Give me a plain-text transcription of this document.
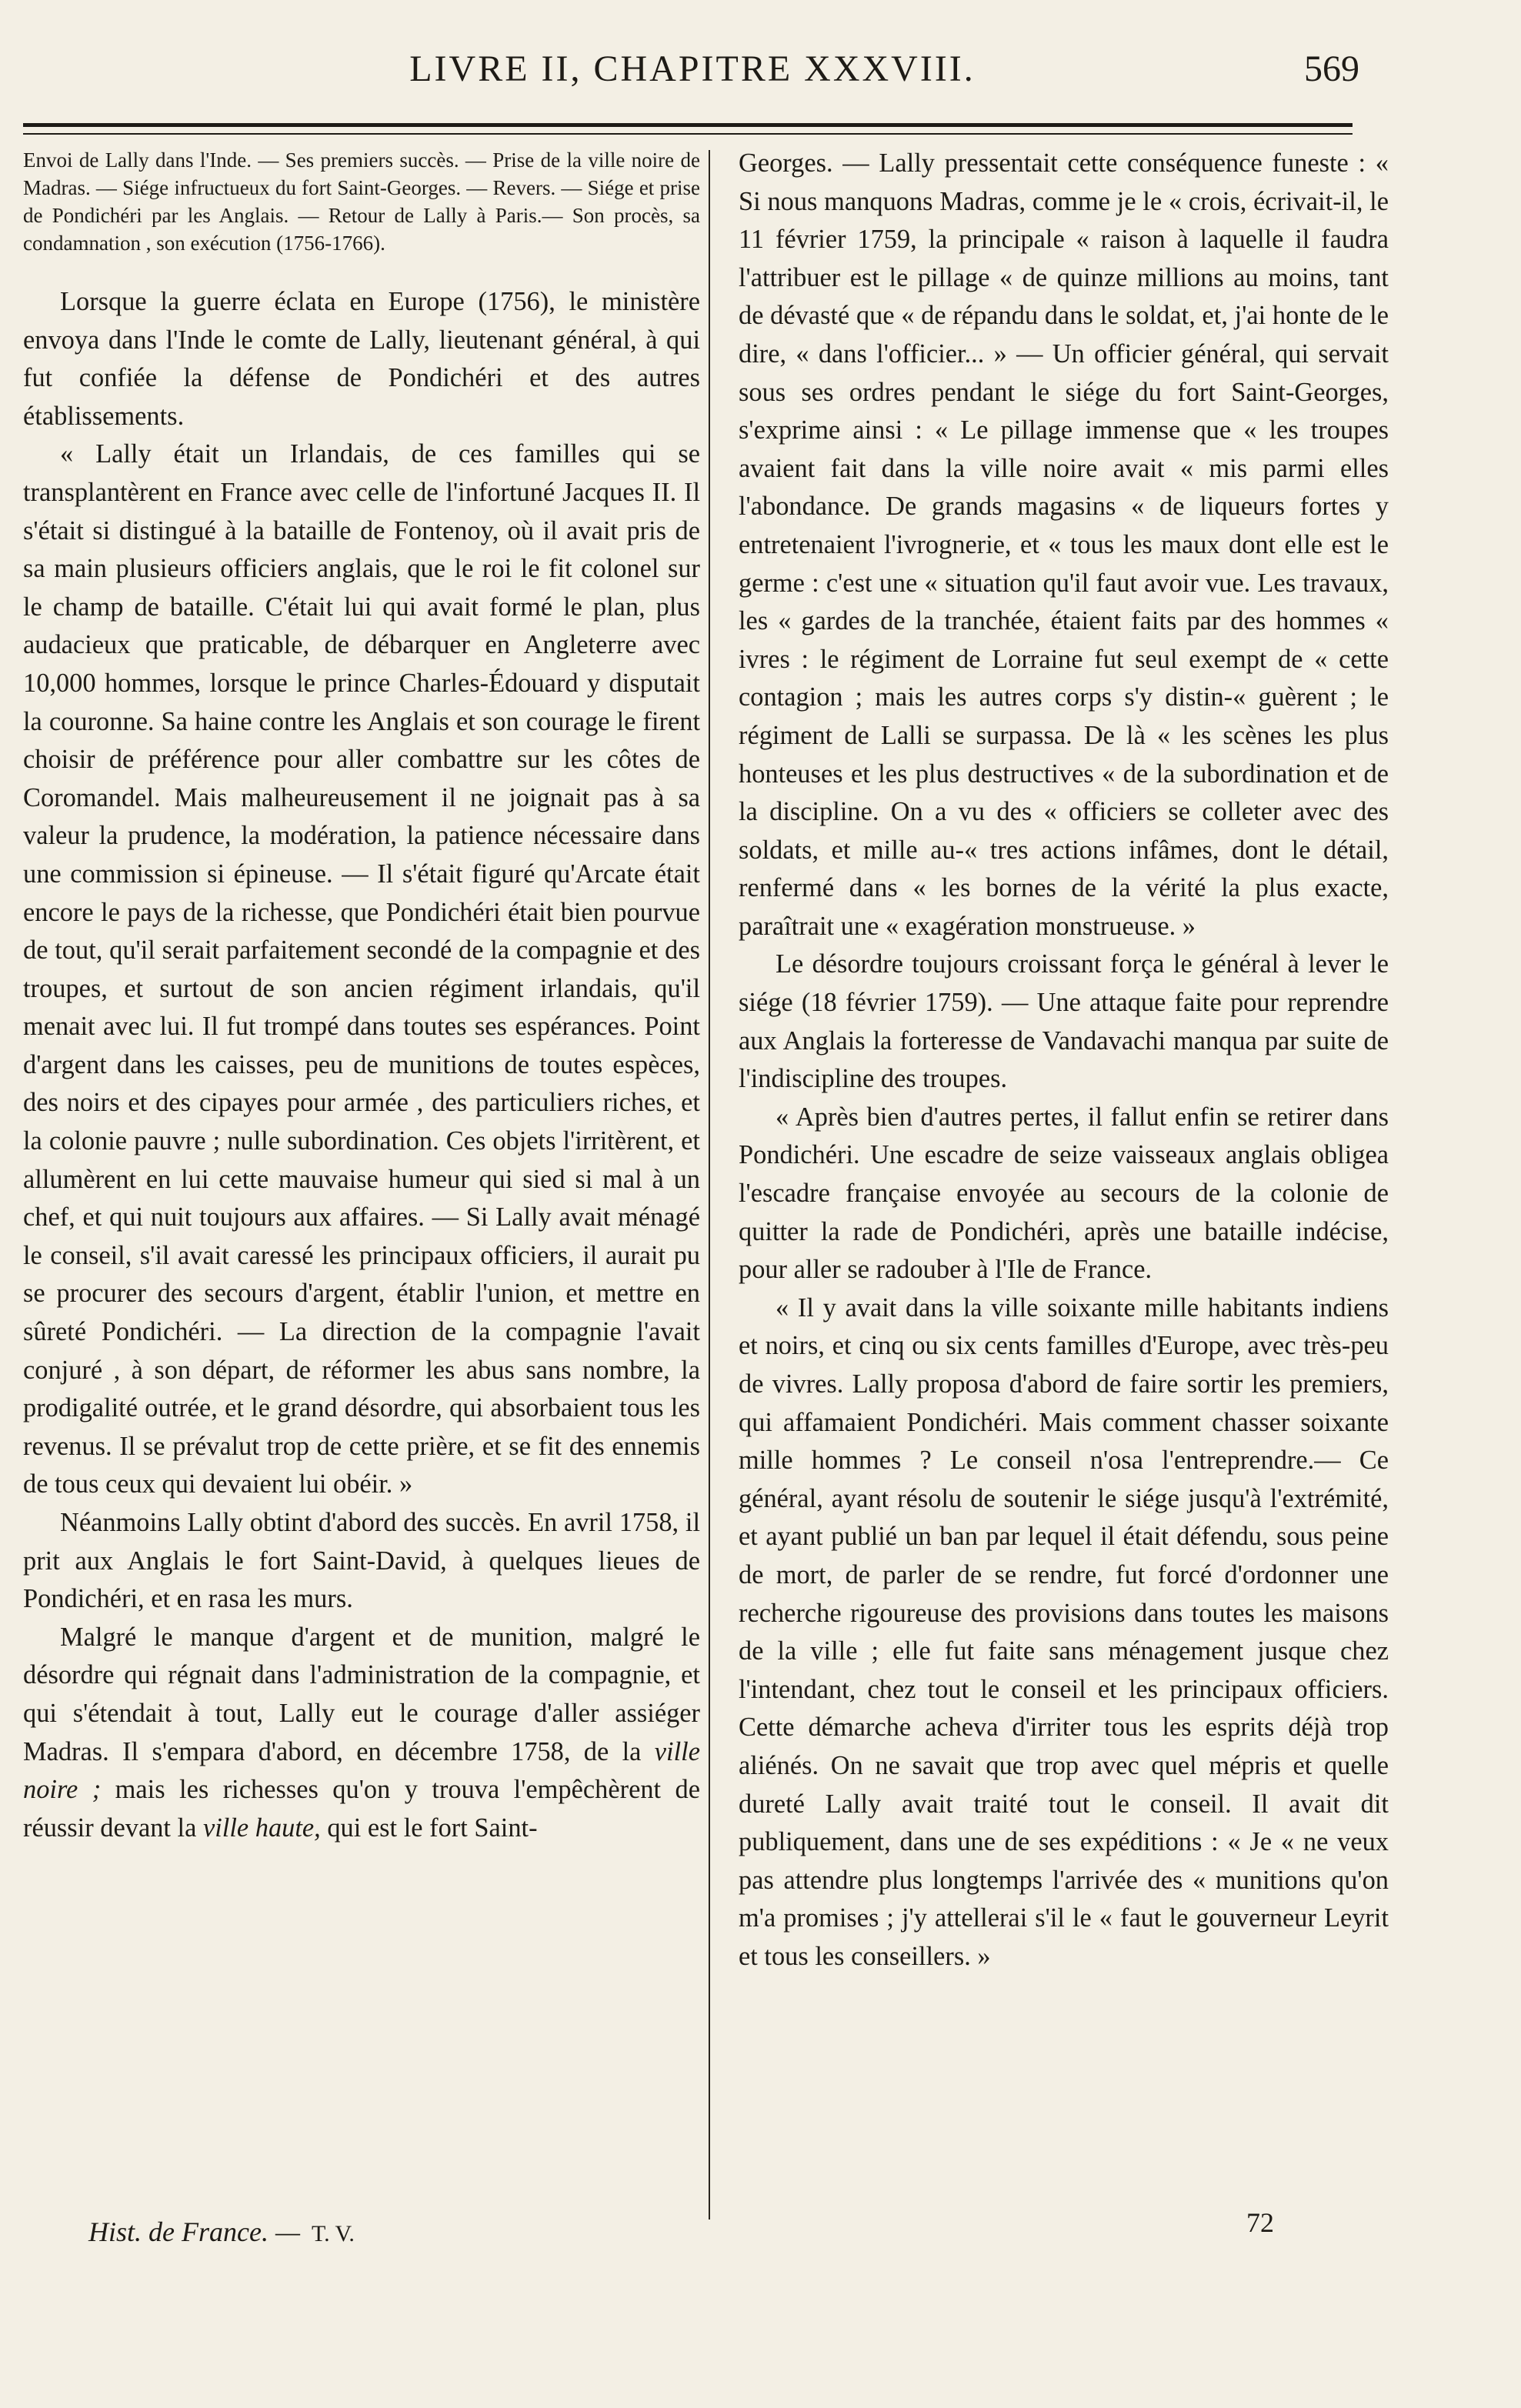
LIVRE II, CHAPITRE XXXVIII.	569
Envoi de Lally dans l'Inde. — Ses premiers succès. — Prise de la ville noire de Madras. — Siége infructueux du fort Saint-Georges. — Revers. — Siége et prise de Pondichéri par les Anglais. — Retour de Lally à Paris.— Son procès, sa condamnation , son exécution (1756-1766).

Lorsque la guerre éclata en Europe (1756), le ministère envoya dans l'Inde le comte de Lally, lieutenant général, à qui fut confiée la défense de Pondichéri et des autres établissements.

« Lally était un Irlandais, de ces familles qui se transplantèrent en France avec celle de l'infortuné Jacques II. Il s'était si distingué à la bataille de Fontenoy, où il avait pris de sa main plusieurs officiers anglais, que le roi le fit colonel sur le champ de bataille. C'était lui qui avait formé le plan, plus audacieux que praticable, de débarquer en Angleterre avec 10,000 hommes, lorsque le prince Charles-Édouard y disputait la couronne. Sa haine contre les Anglais et son courage le firent choisir de préférence pour aller combattre sur les côtes de Coromandel. Mais malheureusement il ne joignait pas à sa valeur la prudence, la modération, la patience nécessaire dans une commission si épineuse. — Il s'était figuré qu'Arcate était encore le pays de la richesse, que Pondichéri était bien pourvue de tout, qu'il serait parfaitement secondé de la compagnie et des troupes, et surtout de son ancien régiment irlandais, qu'il menait avec lui. Il fut trompé dans toutes ses espérances. Point d'argent dans les caisses, peu de munitions de toutes espèces, des noirs et des cipayes pour armée , des particuliers riches, et la colonie pauvre ; nulle subordination. Ces objets l'irritèrent, et allumèrent en lui cette mauvaise humeur qui sied si mal à un chef, et qui nuit toujours aux affaires. — Si Lally avait ménagé le conseil, s'il avait caressé les principaux officiers, il aurait pu se procurer des secours d'argent, établir l'union, et mettre en sûreté Pondichéri. — La direction de la compagnie l'avait conjuré , à son départ, de réformer les abus sans nombre, la prodigalité outrée, et le grand désordre, qui absorbaient tous les revenus. Il se prévalut trop de cette prière, et se fit des ennemis de tous ceux qui devaient lui obéir. »

Néanmoins Lally obtint d'abord des succès. En avril 1758, il prit aux Anglais le fort Saint-David, à quelques lieues de Pondichéri, et en rasa les murs.

Malgré le manque d'argent et de munition, malgré le désordre qui régnait dans l'administration de la compagnie, et qui s'étendait à tout, Lally eut le courage d'aller assiéger Madras. Il s'empara d'abord, en décembre 1758, de la ville noire ; mais les richesses qu'on y trouva l'empêchèrent de réussir devant la ville haute, qui est le fort Saint-

Georges. — Lally pressentait cette conséquence funeste : « Si nous manquons Madras, comme je le « crois, écrivait-il, le 11 février 1759, la principale « raison à laquelle il faudra l'attribuer est le pillage « de quinze millions au moins, tant de dévasté que « de répandu dans le soldat, et, j'ai honte de le dire, « dans l'officier... » — Un officier général, qui servait sous ses ordres pendant le siége du fort Saint-Georges, s'exprime ainsi : « Le pillage immense que « les troupes avaient fait dans la ville noire avait « mis parmi elles l'abondance. De grands magasins « de liqueurs fortes y entretenaient l'ivrognerie, et « tous les maux dont elle est le germe : c'est une « situation qu'il faut avoir vue. Les travaux, les « gardes de la tranchée, étaient faits par des hommes « ivres : le régiment de Lorraine fut seul exempt de « cette contagion ; mais les autres corps s'y distin-« guèrent ; le régiment de Lalli se surpassa. De là « les scènes les plus honteuses et les plus destructives « de la subordination et de la discipline. On a vu des « officiers se colleter avec des soldats, et mille au-« tres actions infâmes, dont le détail, renfermé dans « les bornes de la vérité la plus exacte, paraîtrait une « exagération monstrueuse. »

Le désordre toujours croissant força le général à lever le siége (18 février 1759). — Une attaque faite pour reprendre aux Anglais la forteresse de Vandavachi manqua par suite de l'indiscipline des troupes.

« Après bien d'autres pertes, il fallut enfin se retirer dans Pondichéri. Une escadre de seize vaisseaux anglais obligea l'escadre française envoyée au secours de la colonie de quitter la rade de Pondichéri, après une bataille indécise, pour aller se radouber à l'Ile de France.

« Il y avait dans la ville soixante mille habitants indiens et noirs, et cinq ou six cents familles d'Europe, avec très-peu de vivres. Lally proposa d'abord de faire sortir les premiers, qui affamaient Pondichéri. Mais comment chasser soixante mille hommes ? Le conseil n'osa l'entreprendre.— Ce général, ayant résolu de soutenir le siége jusqu'à l'extrémité, et ayant publié un ban par lequel il était défendu, sous peine de mort, de parler de se rendre, fut forcé d'ordonner une recherche rigoureuse des provisions dans toutes les maisons de la ville ; elle fut faite sans ménagement jusque chez l'intendant, chez tout le conseil et les principaux officiers. Cette démarche acheva d'irriter tous les esprits déjà trop aliénés. On ne savait que trop avec quel mépris et quelle dureté Lally avait traité tout le conseil. Il avait dit publiquement, dans une de ses expéditions : « Je « ne veux pas attendre plus longtemps l'arrivée des « munitions qu'on m'a promises ; j'y attellerai s'il le « faut le gouverneur Leyrit et tous les conseillers. »

Hist. de France. — T. V.	72
